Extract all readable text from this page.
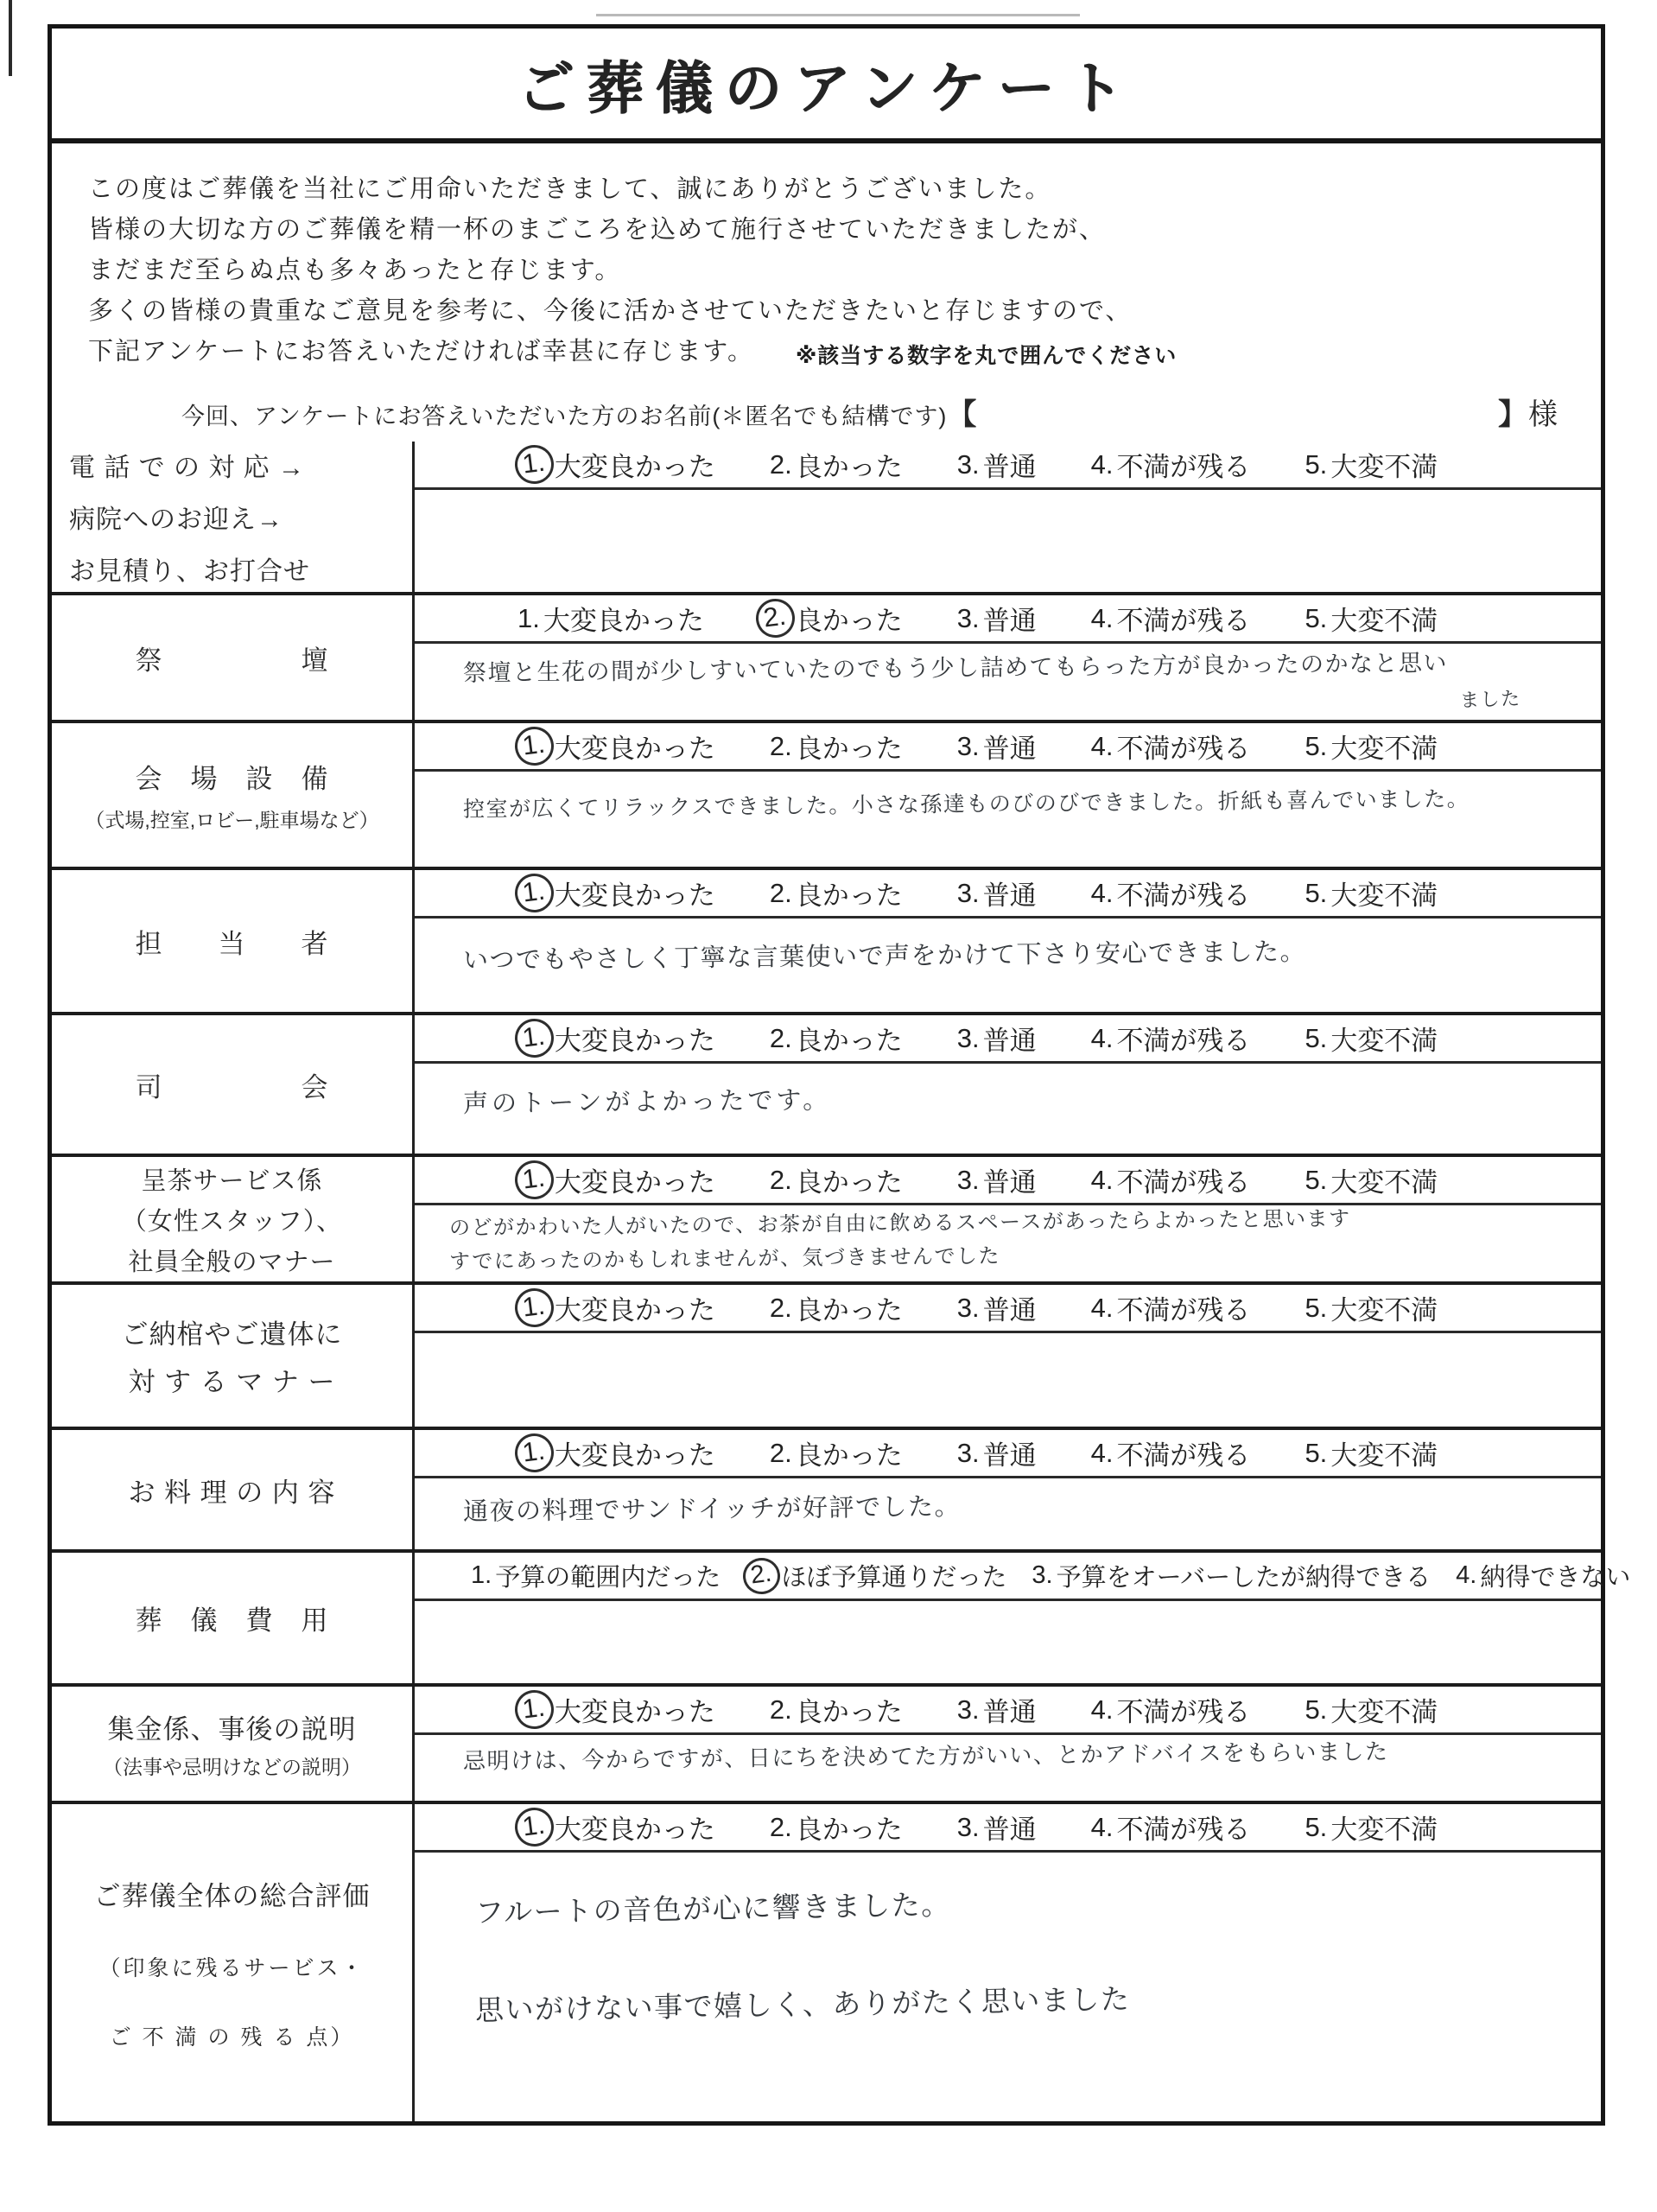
ご葬儀のアンケート
この度はご葬儀を当社にご用命いただきまして、誠にありがとうございました。
皆様の大切な方のご葬儀を精一杯のまごころを込めて施行させていただきましたが、
まだまだ至らぬ点も多々あったと存じます。
多くの皆様の貴重なご意見を参考に、今後に活かさせていただきたいと存じますので、
下記アンケートにお答えいただければ幸甚に存じます。 ※該当する数字を丸で囲んでください
今回、アンケートにお答えいただいた方のお名前(＊匿名でも結構です) 【	】 様
電 話 で の 対 応 →
病院へのお迎え→
お見積り、お打合せ
1. 大変良かった 2. 良かった 3. 普通 4. 不満が残る 5. 大変不満
祭　　　　　壇
1. 大変良かった 2. 良かった 3. 普通 4. 不満が残る 5. 大変不満
祭壇と生花の間が少しすいていたのでもう少し詰めてもらった方が良かったのかなと思い
ました
会　場　設　備
（式場,控室,ロビー,駐車場など）
1. 大変良かった 2. 良かった 3. 普通 4. 不満が残る 5. 大変不満
控室が広くてリラックスできました。小さな孫達ものびのびできました。折紙も喜んでいました。
担　　当　　者
1. 大変良かった 2. 良かった 3. 普通 4. 不満が残る 5. 大変不満
いつでもやさしく丁寧な言葉使いで声をかけて下さり安心できました。
司　　　　　会
1. 大変良かった 2. 良かった 3. 普通 4. 不満が残る 5. 大変不満
声のトーンがよかったです。
呈茶サービス係
（女性スタッフ）、
社員全般のマナー
1. 大変良かった 2. 良かった 3. 普通 4. 不満が残る 5. 大変不満
のどがかわいた人がいたので、お茶が自由に飲めるスペースがあったらよかったと思います
すでにあったのかもしれませんが、気づきませんでした
ご納棺やご遺体に
対 す る マ ナ ー
1. 大変良かった 2. 良かった 3. 普通 4. 不満が残る 5. 大変不満
お 料 理 の 内 容
1. 大変良かった 2. 良かった 3. 普通 4. 不満が残る 5. 大変不満
通夜の料理でサンドイッチが好評でした。
葬　儀　費　用
1. 予算の範囲内だった	2. ほぼ予算通りだった 3. 予算をオーバーしたが納得できる 4. 納得できない
集金係、事後の説明
（法事や忌明けなどの説明）
1. 大変良かった 2. 良かった 3. 普通 4. 不満が残る 5. 大変不満
忌明けは、今からですが、日にちを決めてた方がいい、とかアドバイスをもらいました
ご葬儀全体の総合評価
（印象に残るサービス・
ご 不 満 の 残 る 点）
1. 大変良かった 2. 良かった 3. 普通 4. 不満が残る 5. 大変不満
フルートの音色が心に響きました。
思いがけない事で嬉しく、ありがたく思いました
